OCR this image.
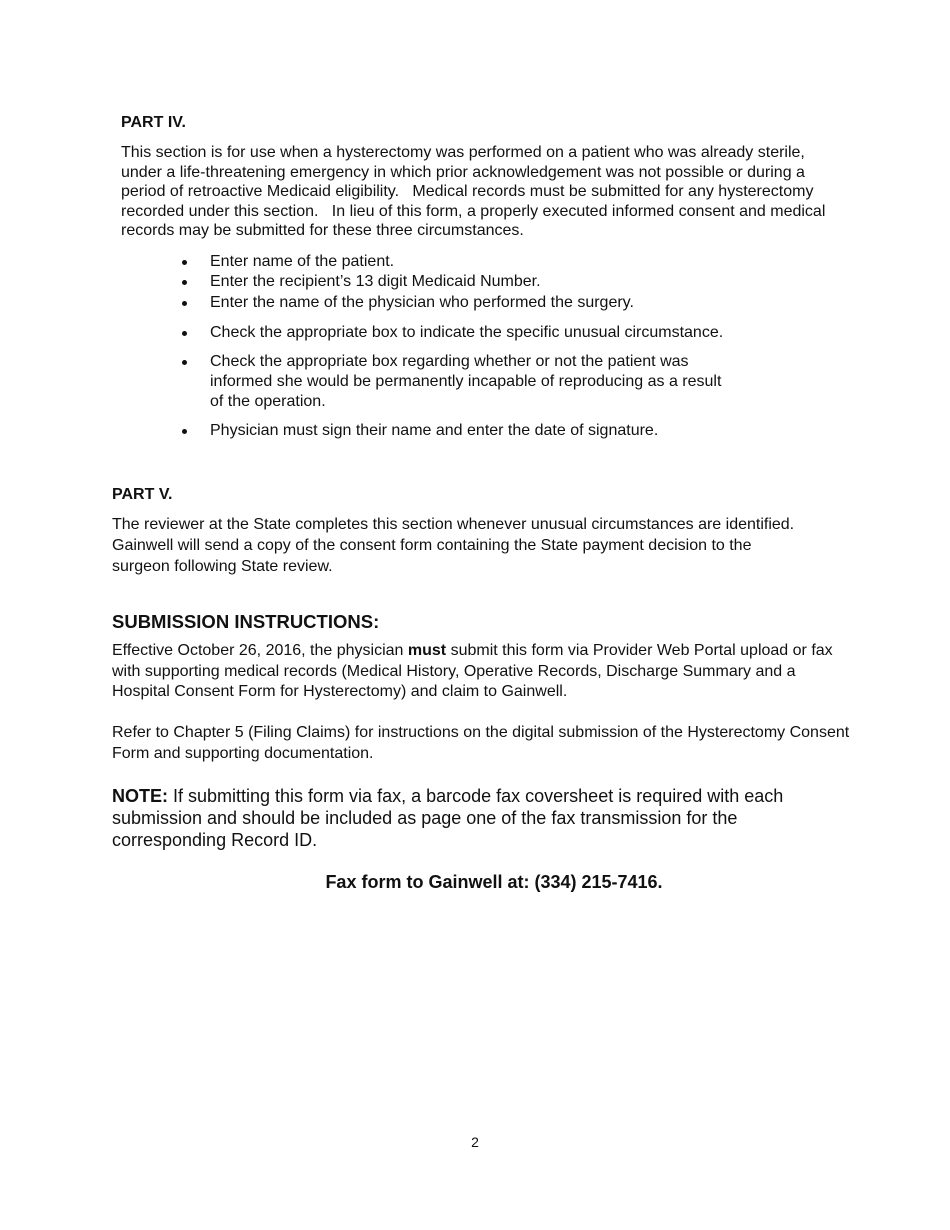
PART IV.

This section is for use when a hysterectomy was performed on a patient who was already sterile, under a life-threatening emergency in which prior acknowledgement was not possible or during a period of retroactive Medicaid eligibility.   Medical records must be submitted for any hysterectomy recorded under this section.   In lieu of this form, a properly executed informed consent and medical records may be submitted for these three circumstances.

Enter name of the patient.
Enter the recipient’s 13 digit Medicaid Number.
Enter the name of the physician who performed the surgery.
Check the appropriate box to indicate the specific unusual circumstance.
Check the appropriate box regarding whether or not the patient was informed she would be permanently incapable of reproducing as a result of the operation.
Physician must sign their name and enter the date of signature.

PART V.

The reviewer at the State completes this section whenever unusual circumstances are identified. Gainwell will send a copy of the consent form containing the State payment decision to the surgeon following State review.

SUBMISSION INSTRUCTIONS:

Effective October 26, 2016, the physician must submit this form via Provider Web Portal upload or fax with supporting medical records (Medical History, Operative Records, Discharge Summary and a Hospital Consent Form for Hysterectomy) and claim to Gainwell.

Refer to Chapter 5 (Filing Claims) for instructions on the digital submission of the Hysterectomy Consent Form and supporting documentation.

NOTE: If submitting this form via fax, a barcode fax coversheet is required with each submission and should be included as page one of the fax transmission for the corresponding Record ID.

Fax form to Gainwell at: (334) 215-7416.

2
